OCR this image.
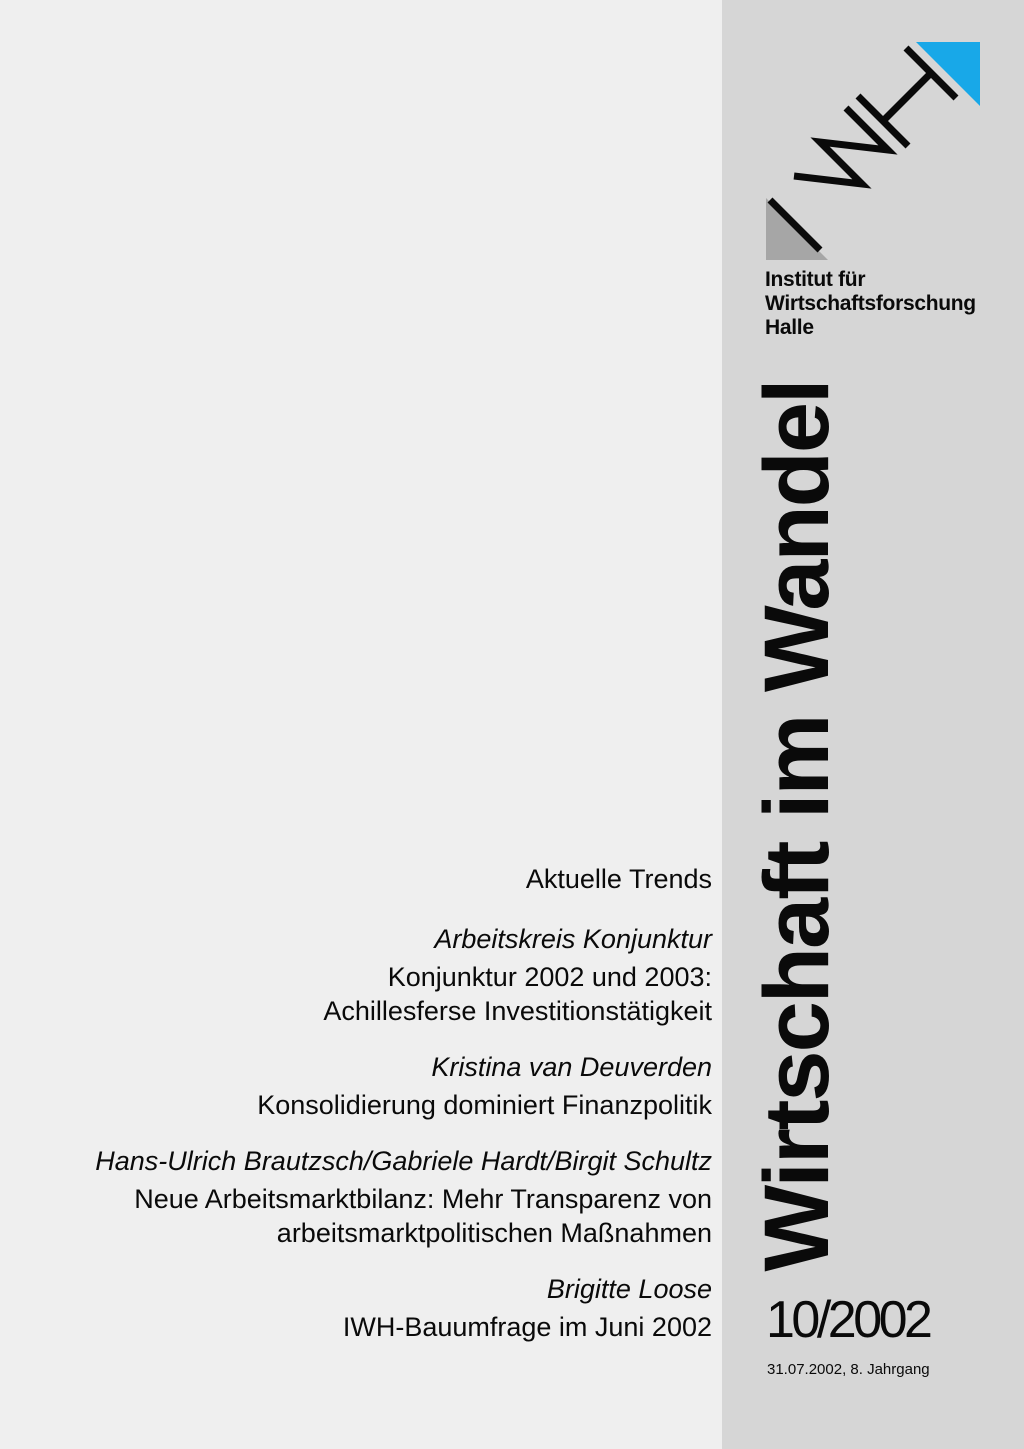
Institut für
Wirtschaftsforschung
Halle
Wirtschaft im Wandel
10/2002
31.07.2002, 8. Jahrgang
Aktuelle Trends
Arbeitskreis Konjunktur
Konjunktur 2002 und 2003:
Achillesferse Investitionstätigkeit
Kristina van Deuverden
Konsolidierung dominiert Finanzpolitik
Hans-Ulrich Brautzsch/Gabriele Hardt/Birgit Schultz
Neue Arbeitsmarktbilanz: Mehr Transparenz von
arbeitsmarktpolitischen Maßnahmen
Brigitte Loose
IWH-Bauumfrage im Juni 2002
